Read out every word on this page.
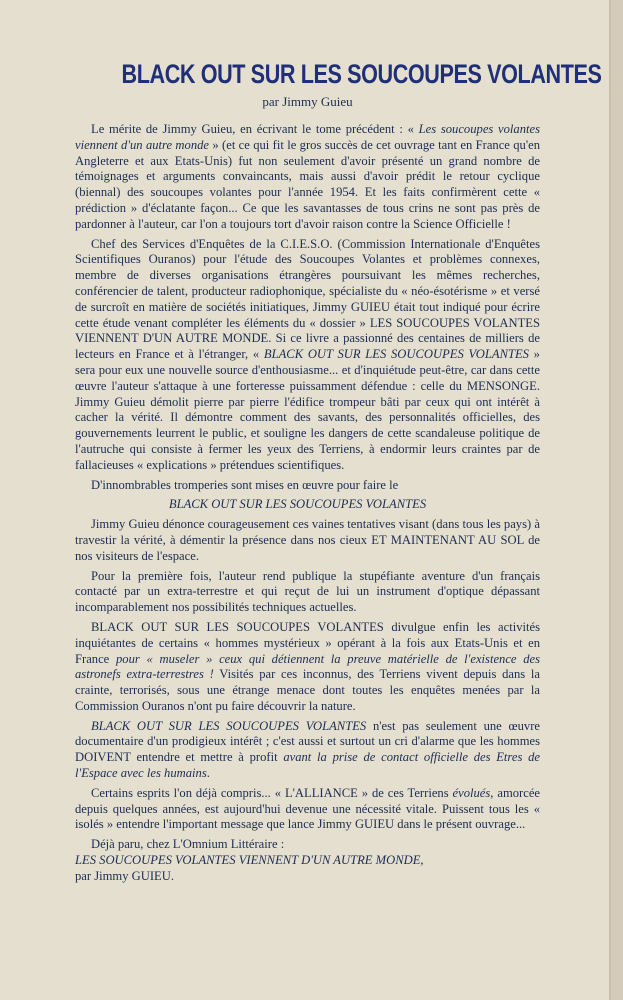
BLACK OUT SUR LES SOUCOUPES VOLANTES
par Jimmy Guieu

Le mérite de Jimmy Guieu, en écrivant le tome précédent : « Les soucoupes volantes viennent d'un autre monde » (et ce qui fit le gros succès de cet ouvrage tant en France qu'en Angleterre et aux Etats-Unis) fut non seulement d'avoir présenté un grand nombre de témoignages et arguments convaincants, mais aussi d'avoir prédit le retour cyclique (biennal) des soucoupes volantes pour l'année 1954. Et les faits confirmèrent cette « prédiction » d'éclatante façon... Ce que les savantasses de tous crins ne sont pas près de pardonner à l'auteur, car l'on a toujours tort d'avoir raison contre la Science Officielle !

Chef des Services d'Enquêtes de la C.I.E.S.O. (Commission Internationale d'Enquêtes Scientifiques Ouranos) pour l'étude des Soucoupes Volantes et problèmes connexes, membre de diverses organisations étrangères poursuivant les mêmes recherches, conférencier de talent, producteur radiophonique, spécialiste du « néo-ésotérisme » et versé de surcroît en matière de sociétés initiatiques, Jimmy GUIEU était tout indiqué pour écrire cette étude venant compléter les éléments du « dossier » LES SOUCOUPES VOLANTES VIENNENT D'UN AUTRE MONDE. Si ce livre a passionné des centaines de milliers de lecteurs en France et à l'étranger, « BLACK OUT SUR LES SOUCOUPES VOLANTES » sera pour eux une nouvelle source d'enthousiasme... et d'inquiétude peut-être, car dans cette œuvre l'auteur s'attaque à une forteresse puissamment défendue : celle du MENSONGE. Jimmy Guieu démolit pierre par pierre l'édifice trompeur bâti par ceux qui ont intérêt à cacher la vérité. Il démontre comment des savants, des personnalités officielles, des gouvernements leurrent le public, et souligne les dangers de cette scandaleuse politique de l'autruche qui consiste à fermer les yeux des Terriens, à endormir leurs craintes par de fallacieuses « explications » prétendues scientifiques.

D'innombrables tromperies sont mises en œuvre pour faire le

BLACK OUT SUR LES SOUCOUPES VOLANTES

Jimmy Guieu dénonce courageusement ces vaines tentatives visant (dans tous les pays) à travestir la vérité, à démentir la présence dans nos cieux ET MAINTENANT AU SOL de nos visiteurs de l'espace.

Pour la première fois, l'auteur rend publique la stupéfiante aventure d'un français contacté par un extra-terrestre et qui reçut de lui un instrument d'optique dépassant incomparablement nos possibilités techniques actuelles.

BLACK OUT SUR LES SOUCOUPES VOLANTES divulgue enfin les activités inquiétantes de certains « hommes mystérieux » opérant à la fois aux Etats-Unis et en France pour « museler » ceux qui détiennent la preuve matérielle de l'existence des astronefs extra-terrestres ! Visités par ces inconnus, des Terriens vivent depuis dans la crainte, terrorisés, sous une étrange menace dont toutes les enquêtes menées par la Commission Ouranos n'ont pu faire découvrir la nature.

BLACK OUT SUR LES SOUCOUPES VOLANTES n'est pas seulement une œuvre documentaire d'un prodigieux intérêt ; c'est aussi et surtout un cri d'alarme que les hommes DOIVENT entendre et mettre à profit avant la prise de contact officielle des Etres de l'Espace avec les humains.

Certains esprits l'on déjà compris... « L'ALLIANCE » de ces Terriens évolués, amorcée depuis quelques années, est aujourd'hui devenue une nécessité vitale. Puissent tous les « isolés » entendre l'important message que lance Jimmy GUIEU dans le présent ouvrage...

Déjà paru, chez L'Omnium Littéraire :
LES SOUCOUPES VOLANTES VIENNENT D'UN AUTRE MONDE,
par Jimmy GUIEU.
